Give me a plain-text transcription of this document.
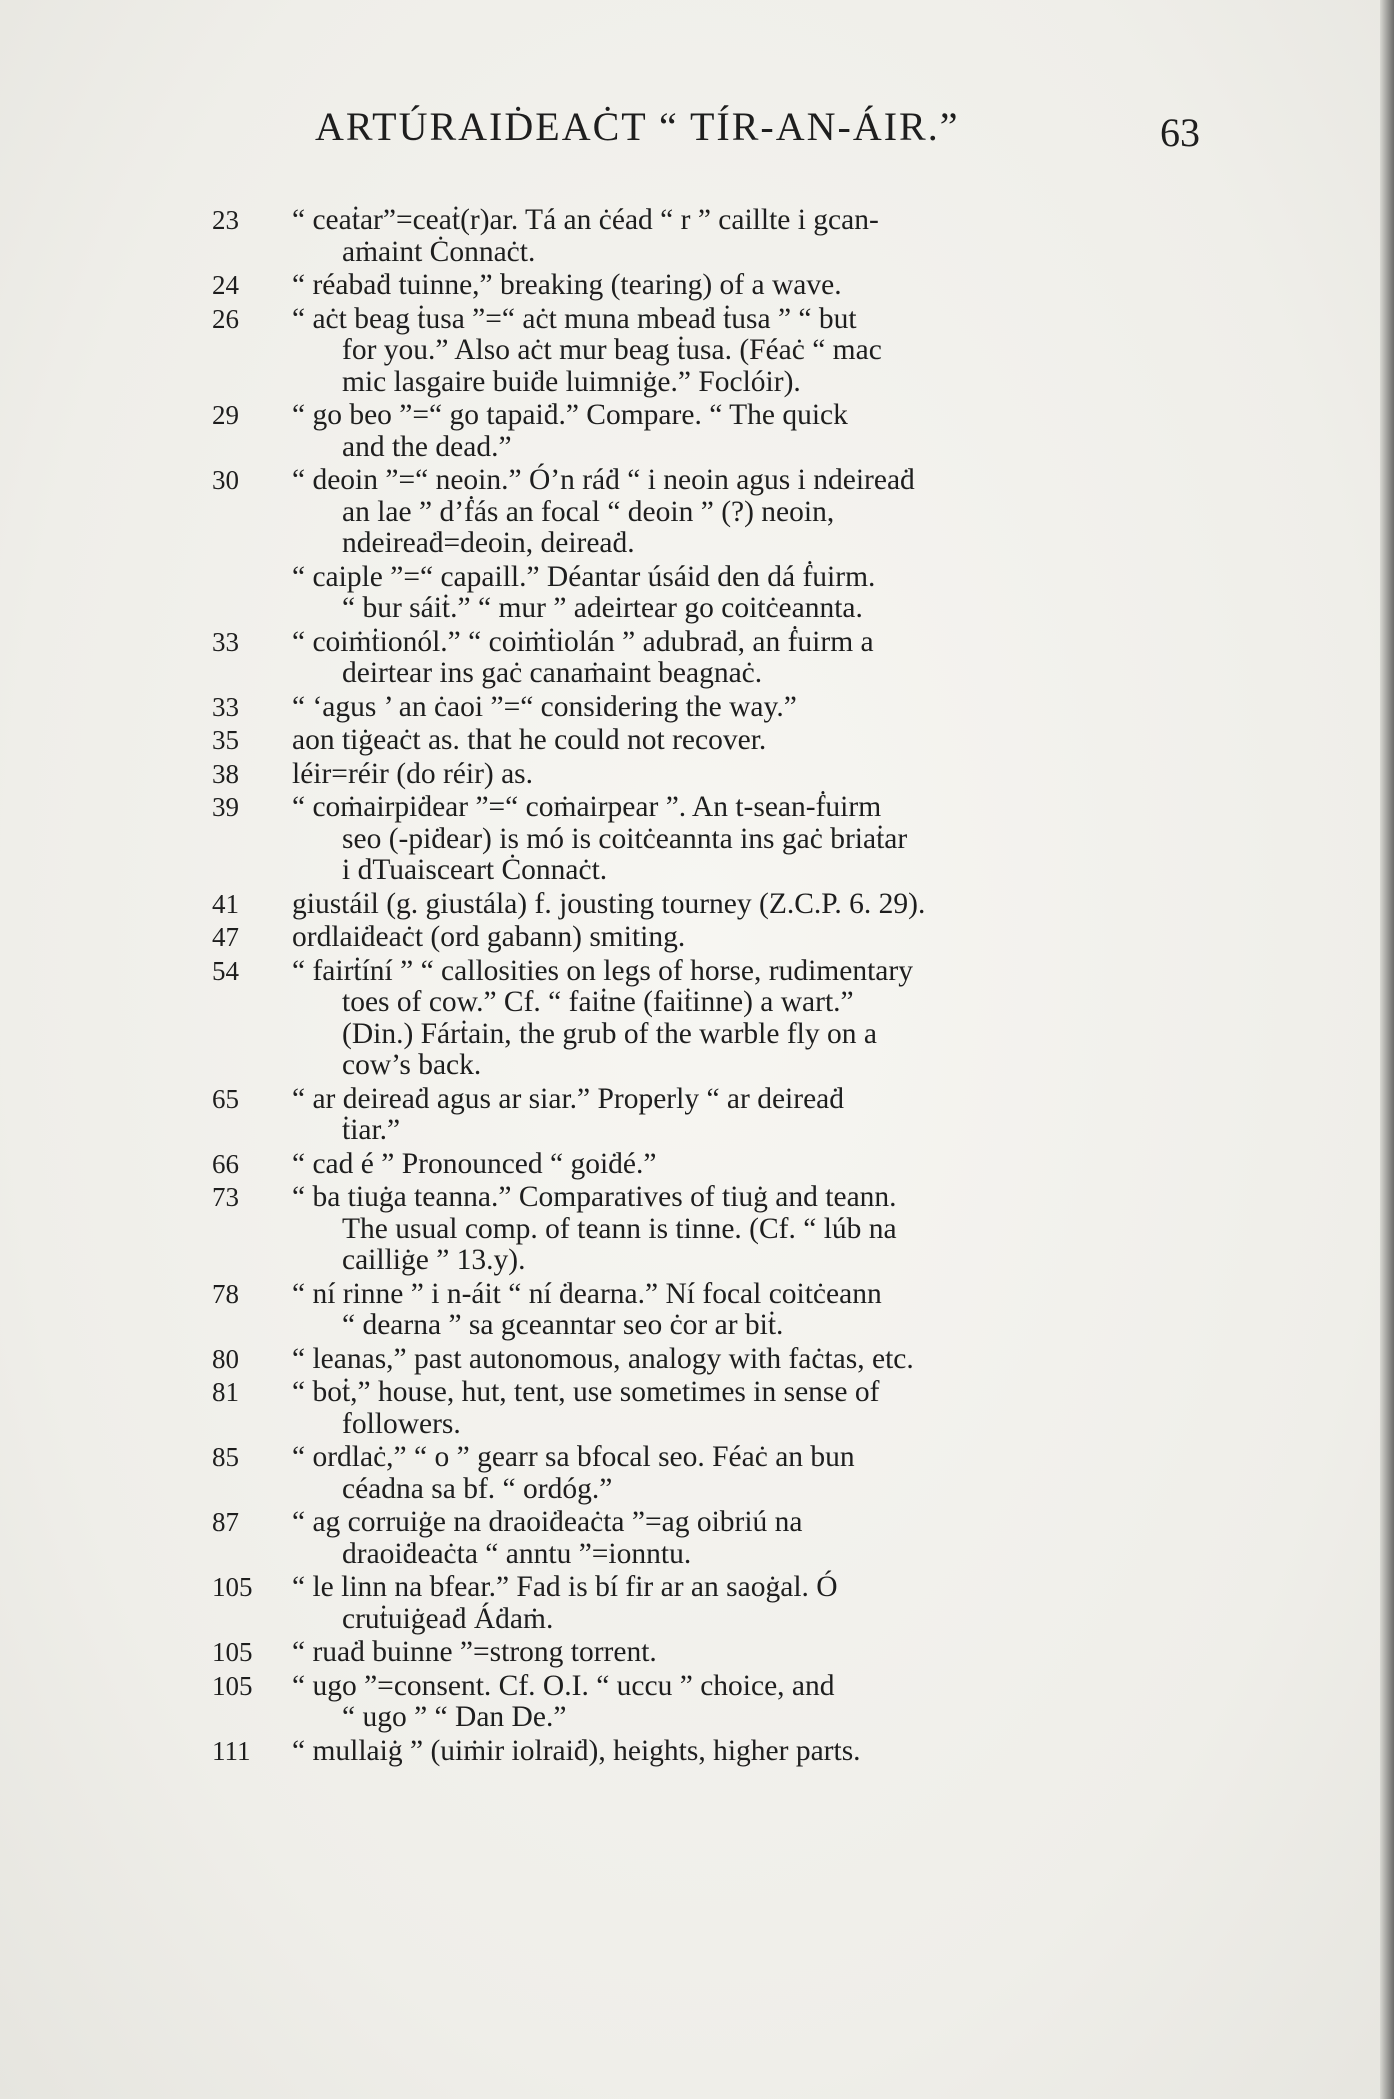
ARTÚRAIḊEAĊT “ TÍR-AN-ÁIR.”	63
23	“ ceaṫar”=ceaṫ(r)ar. Tá an ċéad “ r ” caillte i gcan-
aṁaint Ċonnaċt.
24	“ réabaḋ tuinne,” breaking (tearing) of a wave.
26	“ aċt beag ṫusa ”=“ aċt muna mbeaḋ ṫusa ” “ but
for you.” Also aċt mur beag ṫusa. (Féaċ “ mac
mic lasgaire buiḋe luimniġe.” Foclóir).
29	“ go beo ”=“ go tapaiḋ.” Compare. “ The quick
and the dead.”
30	“ deoin ”=“ neoin.” Ó’n ráḋ “ i neoin agus i ndeireaḋ
an lae ” d’ḟás an focal “ deoin ” (?) neoin,
ndeireaḋ=deoin, deireaḋ.
“ caiple ”=“ capaill.” Déantar úsáid den dá ḟuirm.
“ bur sáiṫ.” “ mur ” adeirtear go coitċeannta.
33	“ coiṁṫionól.” “ coiṁṫiolán ” adubraḋ, an ḟuirm a
deirtear ins gaċ canaṁaint beagnaċ.
33	“ ‘agus ’ an ċaoi ”=“ considering the way.”
35	aon tiġeaċt as. that he could not recover.
38	léir=réir (do réir) as.
39	“ coṁairpiḋear ”=“ coṁairpear ”. An t-sean-ḟuirm
seo (-piḋear) is mó is coitċeannta ins gaċ briaṫar
i dTuaisceart Ċonnaċt.
41	giustáil (g. giustála) f. jousting tourney (Z.C.P. 6. 29).
47	ordlaiḋeaċt (ord gabann) smiting.
54	“ fairṫíní ” “ callosities on legs of horse, rudimentary
toes of cow.” Cf. “ faiṫne (faiṫinne) a wart.”
(Din.) Fárṫain, the grub of the warble fly on a
cow’s back.
65	“ ar deireaḋ agus ar siar.” Properly “ ar deireaḋ
ṫiar.”
66	“ cad é ” Pronounced “ goiḋé.”
73	“ ba tiuġa teanna.” Comparatives of tiuġ and teann.
The usual comp. of teann is tinne. (Cf. “ lúb na
cailliġe ” 13.y).
78	“ ní rinne ” i n-áit “ ní ḋearna.” Ní focal coitċeann
“ dearna ” sa gceanntar seo ċor ar biṫ.
80	“ leanas,” past autonomous, analogy with faċtas, etc.
81	“ boṫ,” house, hut, tent, use sometimes in sense of
followers.
85	“ ordlaċ,” “ o ” gearr sa bfocal seo. Féaċ an bun
céadna sa bf. “ ordóg.”
87	“ ag corruiġe na draoiḋeaċta ”=ag oibriú na
draoiḋeaċta “ anntu ”=ionntu.
105	“ le linn na bfear.” Fad is bí fir ar an saoġal. Ó
cruṫuiġeaḋ Áḋaṁ.
105	“ ruaḋ buinne ”=strong torrent.
105	“ ugo ”=consent. Cf. O.I. “ uccu ” choice, and
“ ugo ” “ Dan De.”
111	“ mullaiġ ” (uiṁir iolraiḋ), heights, higher parts.
